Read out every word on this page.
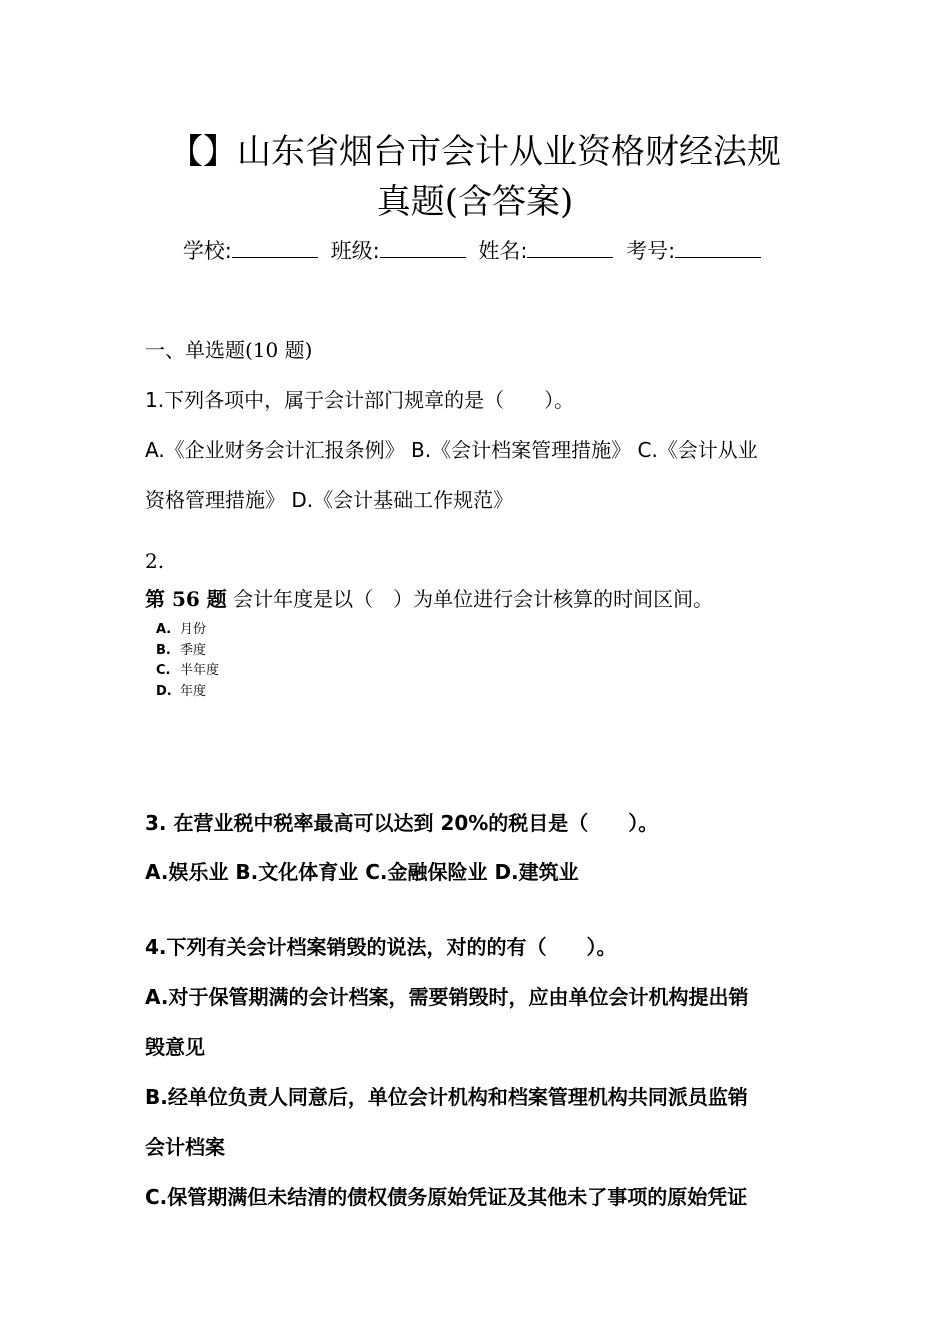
【】山东省烟台市会计从业资格财经法规
真题(含答案)
学校:	班级:	姓名:	考号:
一、单选题(10 题)
1.下列各项中，属于会计部门规章的是（　　）。
A.《企业财务会计汇报条例》 B.《会计档案管理措施》 C.《会计从业
资格管理措施》 D.《会计基础工作规范》
2.
第 56 题 会计年度是以（　）为单位进行会计核算的时间区间。
A. 月份
B. 季度
C. 半年度
D. 年度
3. 在营业税中税率最高可以达到 20%的税目是（　　）。
A.娱乐业 B.文化体育业 C.金融保险业 D.建筑业
4.下列有关会计档案销毁的说法，对的的有（　　）。
A.对于保管期满的会计档案，需要销毁时，应由单位会计机构提出销
毁意见
B.经单位负责人同意后，单位会计机构和档案管理机构共同派员监销
会计档案
C.保管期满但未结清的债权债务原始凭证及其他未了事项的原始凭证
